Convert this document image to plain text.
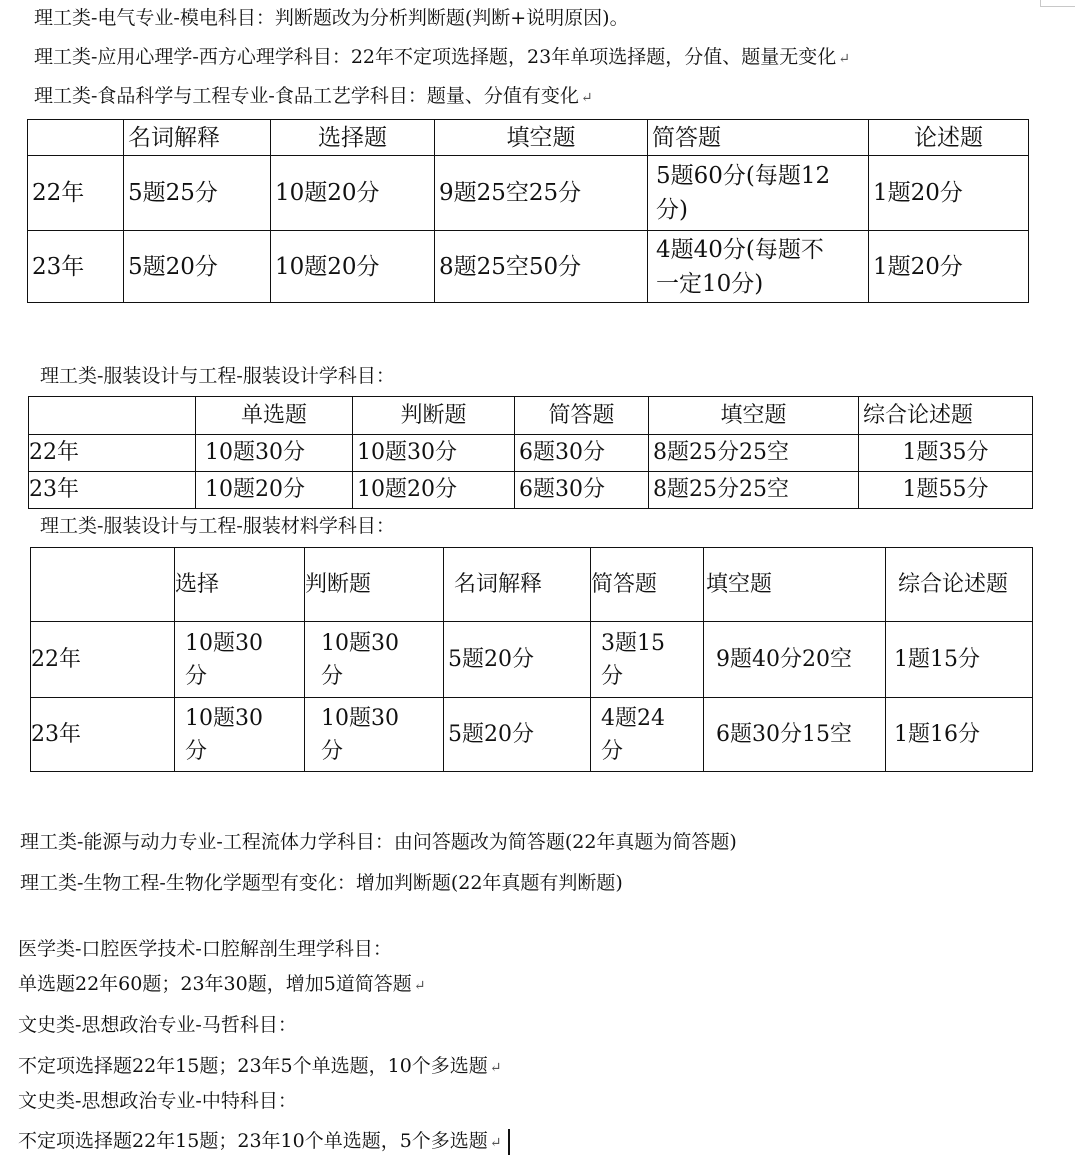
理工类-电气专业-模电科目：判断题改为分析判断题(判断+说明原因)。
理工类-应用心理学-西方心理学科目：22年不定项选择题，23年单项选择题，分值、题量无变化 ↵
理工类-食品科学与工程专业-食品工艺学科目：题量、分值有变化 ↵
	名词解释	选择题	填空题	简答题	论述题
22年	5题25分	10题20分	9题25空25分	5题60分(每题12分)	1题20分
23年	5题20分	10题20分	8题25空50分	4题40分(每题不一定10分)	1题20分
理工类-服装设计与工程-服装设计学科目：
	单选题	判断题	简答题	填空题	综合论述题
22年	10题30分	10题30分	6题30分	8题25分25空	1题35分
23年	10题20分	10题20分	6题30分	8题25分25空	1题55分
理工类-服装设计与工程-服装材料学科目：
	选择	判断题	名词解释	简答题	填空题	综合论述题
22年	10题30分	10题30分	5题20分	3题15分	9题40分20空	1题15分
23年	10题30分	10题30分	5题20分	4题24分	6题30分15空	1题16分
理工类-能源与动力专业-工程流体力学科目：由问答题改为简答题(22年真题为简答题)
理工类-生物工程-生物化学题型有变化：增加判断题(22年真题有判断题)
医学类-口腔医学技术-口腔解剖生理学科目：
单选题22年60题；23年30题，增加5道简答题 ↵
文史类-思想政治专业-马哲科目：
不定项选择题22年15题；23年5个单选题，10个多选题 ↵
文史类-思想政治专业-中特科目：
不定项选择题22年15题；23年10个单选题，5个多选题 ↵
